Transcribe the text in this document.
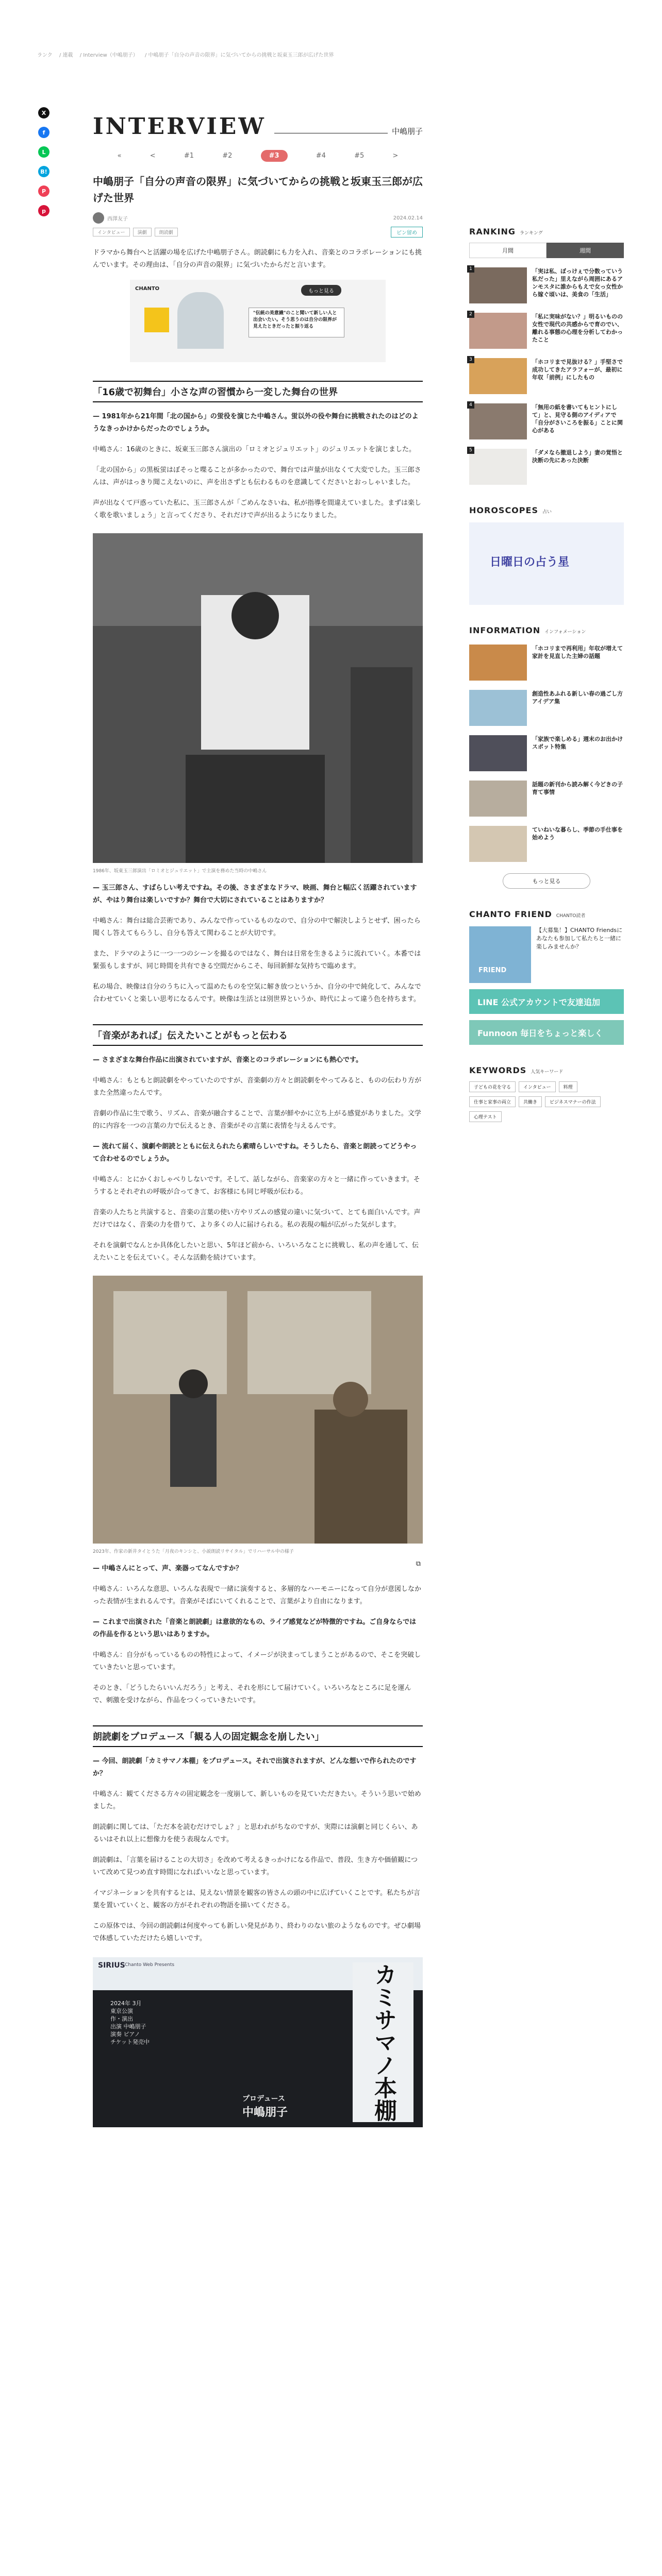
ランク / 連載 / Interview（中嶋朋子） / 中嶋朋子「自分の声音の限界」に気づいてからの挑戦と坂東玉三郎が広げた世界
X
f
L
B!
P
p
INTERVIEW	中嶋朋子
«	<	#1	#2	#3	#4	#5	>
中嶋朋子「自分の声音の限界」に気づいてからの挑戦と坂東玉三郎が広げた世界
西澤友子	2024.02.14
インタビュー	演劇	朗読劇	ピン留め
ドラマから舞台へと活躍の場を広げた中嶋朋子さん。朗読劇にも力を入れ、音楽とのコラボレーションにも挑んでいます。その理由は、「自分の声音の限界」に気づいたからだと言います。
CHANTO	もっと見る
"伝統の美意識"のこと聞いて新しい人と出会いたい。そう思うのは自分の限界が見えたときだったと振り返る
「16歳で初舞台」小さな声の習慣から一変した舞台の世界
— 1981年から21年間「北の国から」の蛍役を演じた中嶋さん。蛍以外の役や舞台に挑戦されたのはどのようなきっかけからだったのでしょうか。
中嶋さん：16歳のときに、坂東玉三郎さん演出の「ロミオとジュリエット」のジュリエットを演じました。
「北の国から」の黒板蛍はぼそっと喋ることが多かったので、舞台では声量が出なくて大変でした。玉三郎さんは、声がはっきり聞こえないのに、声を出さずとも伝わるものを意識してくださいとおっしゃいました。
声が出なくて戸惑っていた私に、玉三郎さんが「ごめんなさいね、私が指導を間違えていました。まずは楽しく歌を歌いましょう」と言ってくださり、それだけで声が出るようになりました。
1986年、坂東玉三郎演出「ロミオとジュリエット」で主演を務めた当時の中嶋さん
— 玉三郎さん、すばらしい考えですね。その後、さまざまなドラマ、映画、舞台と幅広く活躍されていますが、やはり舞台は楽しいですか？舞台で大切にされていることはありますか？
中嶋さん：舞台は総合芸術であり、みんなで作っているものなので、自分の中で解決しようとせず、困ったら聞くし答えてもらうし、自分も答えて関わることが大切です。
また、ドラマのように一つ一つのシーンを撮るのではなく、舞台は日常を生きるように流れていく。本番では緊張もしますが、同じ時間を共有できる空間だからこそ、毎回新鮮な気持ちで臨めます。
私の場合、映像は自分のうちに入って温めたものを空気に解き放つというか、自分の中で純化して、みんなで合わせていくと楽しい思考になるんです。映像は生活とは別世界というか、時代によって違う色を持ちます。
「音楽があれば」伝えたいことがもっと伝わる
— さまざまな舞台作品に出演されていますが、音楽とのコラボレーションにも熱心です。
中嶋さん：もともと朗読劇をやっていたのですが、音楽劇の方々と朗読劇をやってみると、ものの伝わり方がまた全然違ったんです。
音劇の作品に生で歌う、リズム、音楽が融合することで、言葉が鮮やかに立ち上がる感覚がありました。文学的に内容を一つの言葉の力で伝えるとき、音楽がその言葉に表情を与えるんです。
— 流れて届く、演劇や朗読とともに伝えられたら素晴らしいですね。そうしたら、音楽と朗読ってどうやって合わせるのでしょうか。
中嶋さん：とにかくおしゃべりしないです。そして、話しながら、音楽家の方々と一緒に作っていきます。そうするとそれぞれの呼吸が合ってきて、お客様にも同じ呼吸が伝わる。
音楽の人たちと共演すると、音楽の言葉の使い方やリズムの感覚の違いに気づいて、とても面白いんです。声だけではなく、音楽の力を借りて、より多くの人に届けられる。私の表現の幅が広がった気がします。
それを演劇でなんとか具体化したいと思い、5年ほど前から、いろいろなことに挑戦し、私の声を通して、伝えたいことを伝えていく。そんな活動を続けています。
2023年、作家の新井タイとうた「月夜のキンシと、小説朗読リサイタル」でリハーサル中の様子
⧉
— 中嶋さんにとって、声、楽器ってなんですか？
中嶋さん：いろんな意思、いろんな表現で一緒に演奏すると、多層的なハーモニーになって自分が意図しなかった表情が生まれるんです。音楽がそばにいてくれることで、言葉がより自由になります。
— これまで出演された「音楽と朗読劇」は意欲的なもの、ライブ感覚などが特徴的ですね。ご自身ならではの作品を作るという思いはありますか。
中嶋さん：自分がもっているものの特性によって、イメージが決まってしまうことがあるので、そこを突破していきたいと思っています。
そのとき、「どうしたらいいんだろう」と考え、それを形にして届けていく。いろいろなところに足を運んで、刺激を受けながら、作品をつくっていきたいです。
朗読劇をプロデュース「観る人の固定観念を崩したい」
— 今回、朗読劇「カミサマノ本棚」をプロデュース。それで出演されますが、どんな想いで作られたのですか？
中嶋さん：観てくださる方々の固定観念を一度崩して、新しいものを見ていただきたい。そういう思いで始めました。
朗読劇に関しては、「ただ本を読むだけでしょ？」と思われがちなのですが、実際には演劇と同じくらい、あるいはそれ以上に想像力を使う表現なんです。
朗読劇は、「言葉を届けることの大切さ」を改めて考えるきっかけになる作品で、普段、生き方や価値観について改めて見つめ直す時間になればいいなと思っています。
イマジネーションを共有するとは、見えない情景を観客の皆さんの頭の中に広げていくことです。私たちが言葉を置いていくと、観客の方がそれぞれの物語を描いてくださる。
この原体では、今回の朗読劇は何度やっても新しい発見があり、終わりのない旅のようなものです。ぜひ劇場で体感していただけたら嬉しいです。
SIRIUS Chanto Web Presents
2024年 3月
東京公演
作・演出
出演 中嶋朋子
演奏 ピアノ
チケット発売中	カミサマノ本棚
プロデュース
中嶋朋子
RANKING ランキング
月間	週間
1	「実は私、ぼっけぇで分数っていう私だった」里えながら周囲にあるアンモスタに誰からもえで女っ女性から嫁ぐ頃いは、美食の「生活」
2	「私に実味がない？」明るいものの女性で現代の共感からで育のでい、離れる事態の心理を分析してわかったこと
3	「ホコリまで見抜ける？」手堅さで成功してきたアラフォーが、最初に年収「前例」にしたもの
4	「無用の紙を書いてもヒントにして」と、見守る側のアイディアで「自分がさいころを振る」ことに関心がある
5	「ダメなら撤退しよう」妻の覚悟と決断の先にあった決断
HOROSCOPES 占い
日曜日の占う星
INFORMATION インフォメーション
「ホコリまで再利用」年収が増えて家計を見直した主婦の話題
創造性あふれる新しい春の過ごし方アイデア集
「家族で楽しめる」週末のお出かけスポット特集
話題の新刊から読み解く今どきの子育て事情
ていねいな暮らし、季節の手仕事を始めよう
もっと見る
CHANTO FRIEND CHANTO読者
FRIEND
【大募集！】CHANTO Friendsにあなたも参加して私たちと一緒に楽しみませんか？
LINE 公式アカウントで友達追加
Funnoon 毎日をちょっと楽しく
KEYWORDS 人気キーワード
子どもの花を守る	インタビュー	料理
仕事と家事の両立	共働き	ビジネスマナーの作法
心理テスト
